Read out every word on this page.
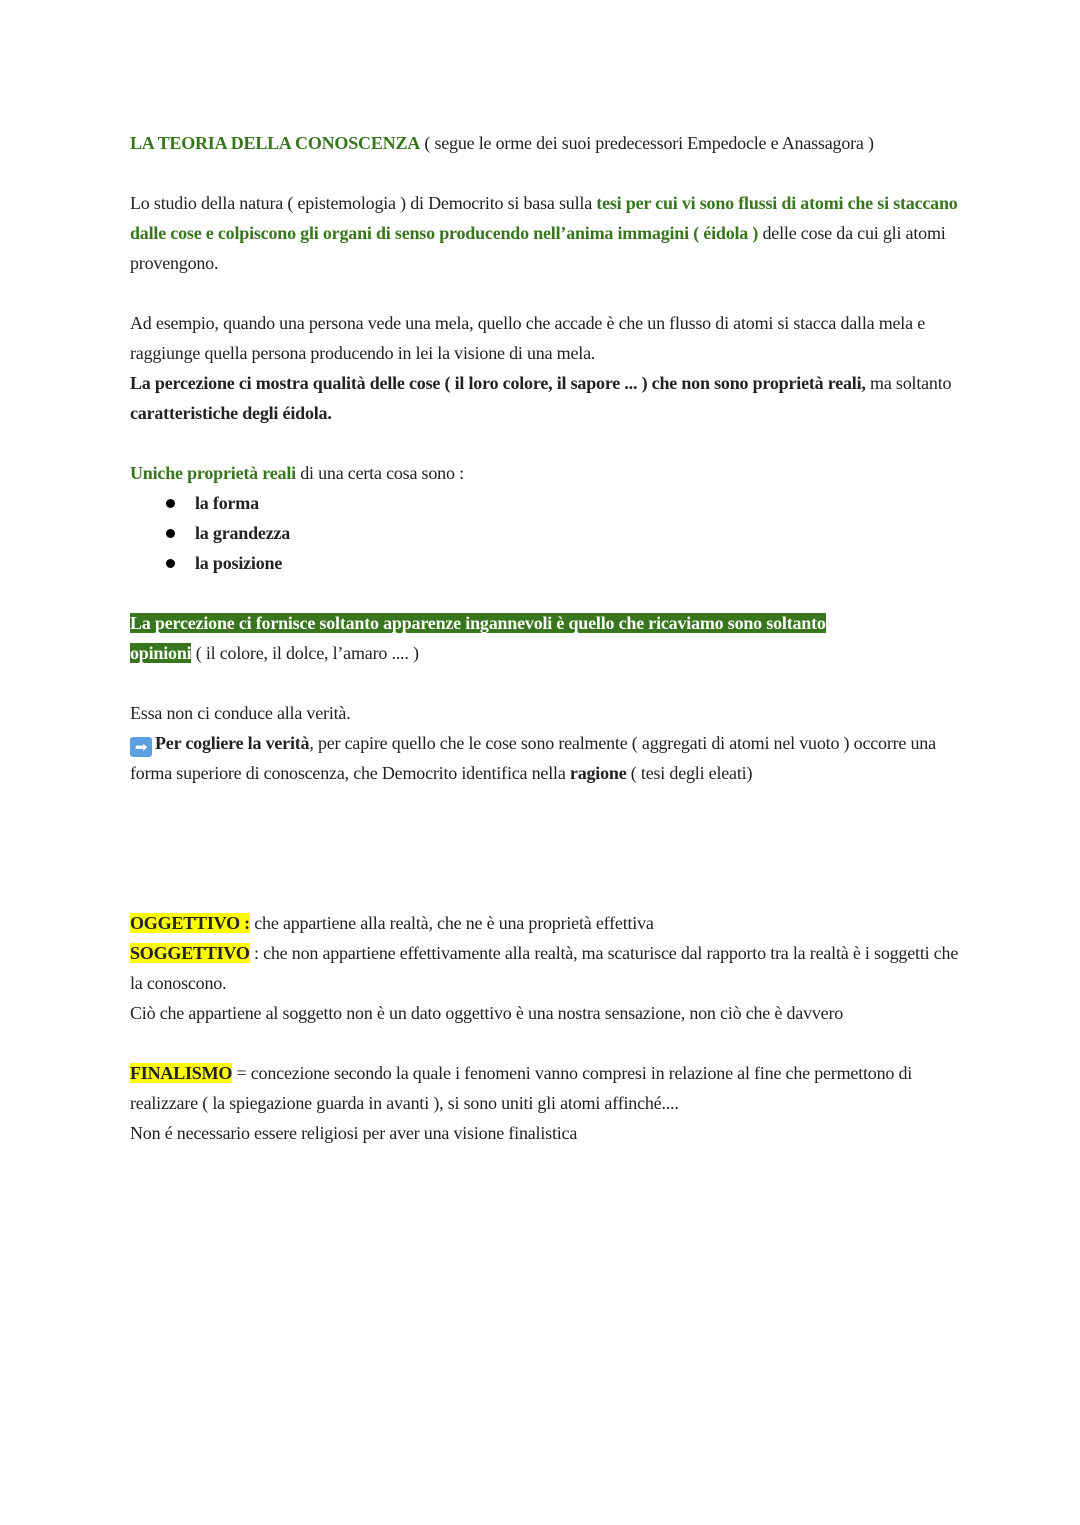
LA TEORIA DELLA CONOSCENZA ( segue le orme dei suoi predecessori Empedocle e Anassagora )

Lo studio della natura ( epistemologia ) di Democrito si basa sulla tesi per cui vi sono flussi di atomi che si staccano dalle cose e colpiscono gli organi di senso producendo nell’anima immagini ( éidola ) delle cose da cui gli atomi provengono.

Ad esempio, quando una persona vede una mela, quello che accade è che un flusso di atomi si stacca dalla mela e raggiunge quella persona producendo in lei la visione di una mela.
La percezione ci mostra qualità delle cose ( il loro colore, il sapore ... ) che non sono proprietà reali, ma soltanto caratteristiche degli éidola.

Uniche proprietà reali di una certa cosa sono :

la forma
la grandezza
la posizione

La percezione ci fornisce soltanto apparenze ingannevoli è quello che ricaviamo sono soltanto
opinioni ( il colore, il dolce, l’amaro .... )

Essa non ci conduce alla verità.
➡ Per cogliere la verità, per capire quello che le cose sono realmente ( aggregati di atomi nel vuoto ) occorre una forma superiore di conoscenza, che Democrito identifica nella ragione ( tesi degli eleati)

OGGETTIVO : che appartiene alla realtà, che ne è una proprietà effettiva
SOGGETTIVO : che non appartiene effettivamente alla realtà, ma scaturisce dal rapporto tra la realtà è i soggetti che la conoscono.
Ciò che appartiene al soggetto non è un dato oggettivo è una nostra sensazione, non ciò che è davvero

FINALISMO = concezione secondo la quale i fenomeni vanno compresi in relazione al fine che permettono di realizzare ( la spiegazione guarda in avanti ), si sono uniti gli atomi affinché....
Non é necessario essere religiosi per aver una visione finalistica
